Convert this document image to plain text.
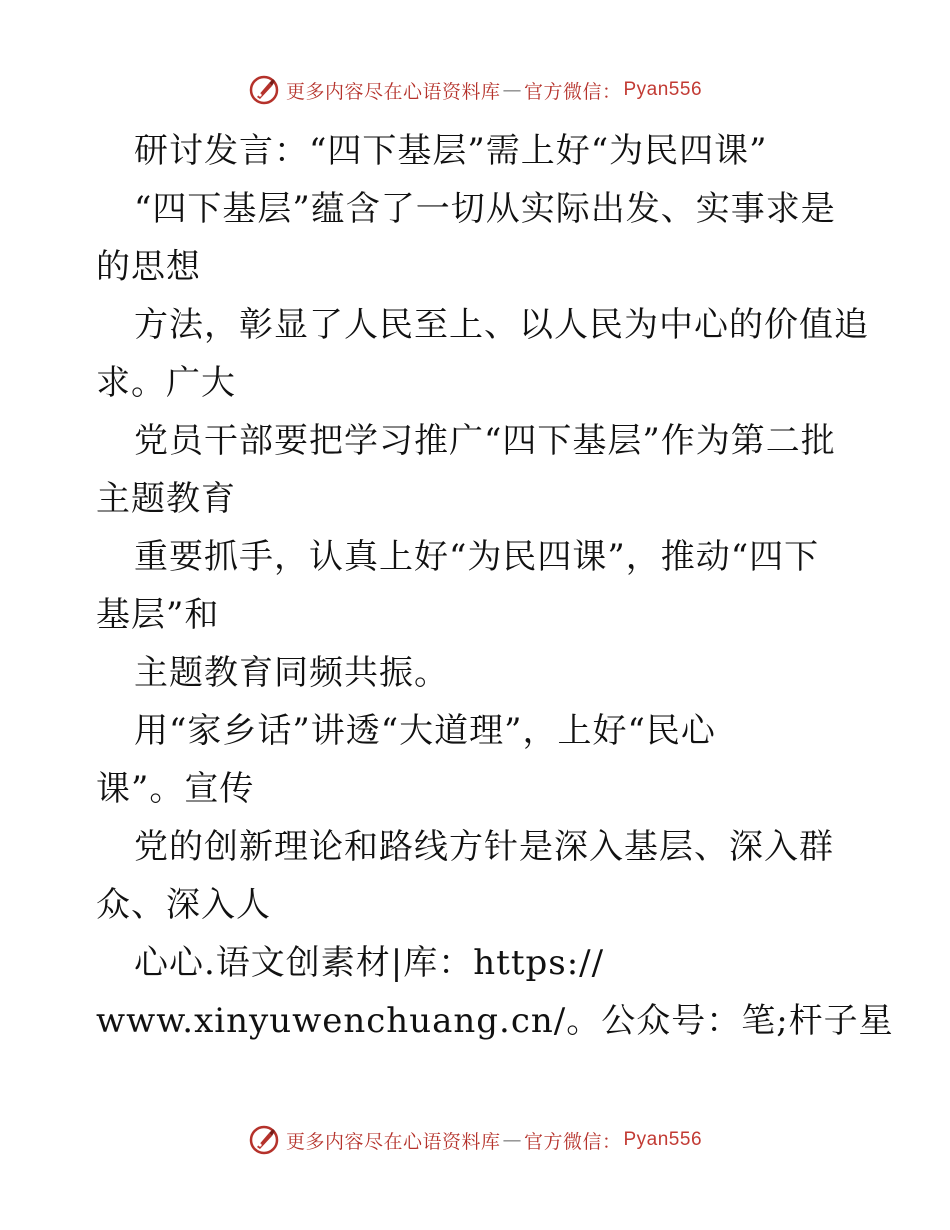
更多内容尽在心语资料库 — 官方微信： Pyan556
研讨发言：“四下基层”需上好“为民四课”
“四下基层”蕴含了一切从实际出发、实事求是
的思想
方法，彰显了人民至上、以人民为中心的价值追
求。广大
党员干部要把学习推广“四下基层”作为第二批
主题教育
重要抓手，认真上好“为民四课”，推动“四下
基层”和
主题教育同频共振。
用“家乡话”讲透“大道理”，上好“民心
课”。宣传
党的创新理论和路线方针是深入基层、深入群
众、深入人
心心.语文创素材|库：https://
www.xinyuwenchuang.cn/。公众号：笔;杆子星
更多内容尽在心语资料库 — 官方微信： Pyan556
